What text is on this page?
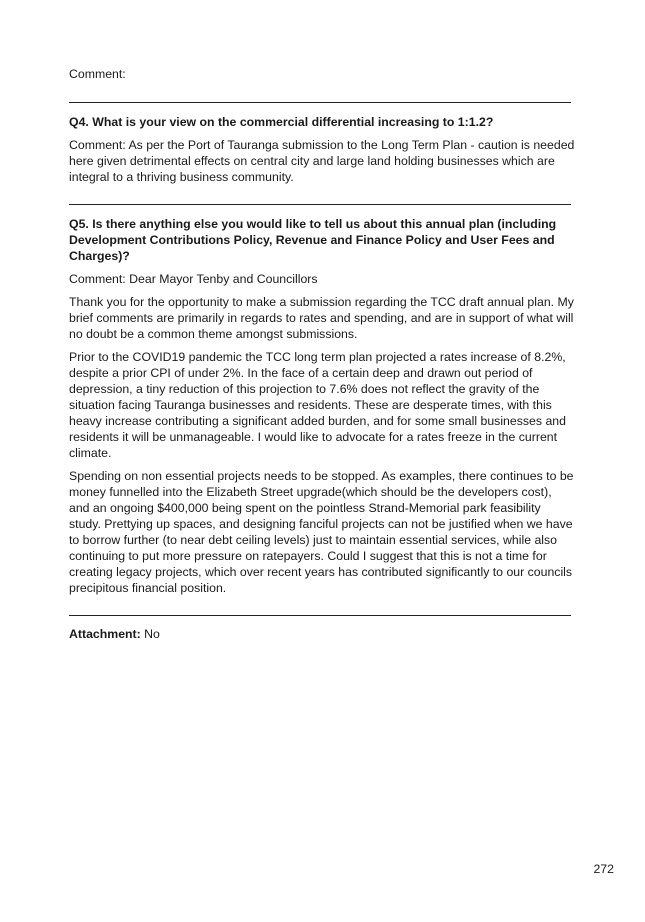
Comment:

Q4. What is your view on the commercial differential increasing to 1:1.2?

Comment: As per the Port of Tauranga submission to the Long Term Plan - caution is needed here given detrimental effects on central city and large land holding businesses which are integral to a thriving business community.

Q5. Is there anything else you would like to tell us about this annual plan (including Development Contributions Policy, Revenue and Finance Policy and User Fees and Charges)?

Comment: Dear Mayor Tenby and Councillors

Thank you for the opportunity to make a submission regarding the TCC draft annual plan. My brief comments are primarily in regards to rates and spending, and are in support of what will no doubt be a common theme amongst submissions.

Prior to the COVID19 pandemic the TCC long term plan projected a rates increase of 8.2%, despite a prior CPI of under 2%. In the face of a certain deep and drawn out period of depression, a tiny reduction of this projection to 7.6% does not reflect the gravity of the situation facing Tauranga businesses and residents. These are desperate times, with this heavy increase contributing a significant added burden, and for some small businesses and residents it will be unmanageable. I would like to advocate for a rates freeze in the current climate.

Spending on non essential projects needs to be stopped. As examples, there continues to be money funnelled into the Elizabeth Street upgrade(which should be the developers cost), and an ongoing $400,000 being spent on the pointless Strand-Memorial park feasibility study. Prettying up spaces, and designing fanciful projects can not be justified when we have to borrow further (to near debt ceiling levels) just to maintain essential services, while also continuing to put more pressure on ratepayers. Could I suggest that this is not a time for creating legacy projects, which over recent years has contributed significantly to our councils precipitous financial position.

Attachment: No

272
